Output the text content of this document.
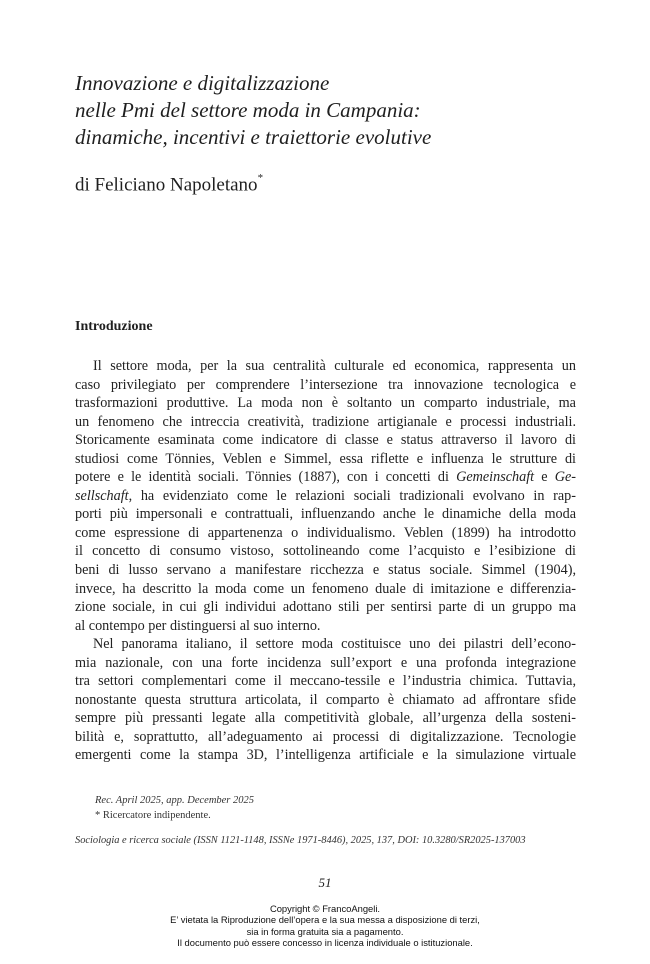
Innovazione e digitalizzazione
nelle Pmi del settore moda in Campania:
dinamiche, incentivi e traiettorie evolutive

di Feliciano Napoletano*

Introduzione
Il settore moda, per la sua centralità culturale ed economica, rappresenta un
caso privilegiato per comprendere l’intersezione tra innovazione tecnologica e
trasformazioni produttive. La moda non è soltanto un comparto industriale, ma
un fenomeno che intreccia creatività, tradizione artigianale e processi industriali.
Storicamente esaminata come indicatore di classe e status attraverso il lavoro di
studiosi come Tönnies, Veblen e Simmel, essa riflette e influenza le strutture di
potere e le identità sociali. Tönnies (1887), con i concetti di Gemeinschaft e Ge-
sellschaft, ha evidenziato come le relazioni sociali tradizionali evolvano in rap-
porti più impersonali e contrattuali, influenzando anche le dinamiche della moda
come espressione di appartenenza o individualismo. Veblen (1899) ha introdotto
il concetto di consumo vistoso, sottolineando come l’acquisto e l’esibizione di
beni di lusso servano a manifestare ricchezza e status sociale. Simmel (1904),
invece, ha descritto la moda come un fenomeno duale di imitazione e differenzia-
zione sociale, in cui gli individui adottano stili per sentirsi parte di un gruppo ma
al contempo per distinguersi al suo interno.
Nel panorama italiano, il settore moda costituisce uno dei pilastri dell’econo-
mia nazionale, con una forte incidenza sull’export e una profonda integrazione
tra settori complementari come il meccano-tessile e l’industria chimica. Tuttavia,
nonostante questa struttura articolata, il comparto è chiamato ad affrontare sfide
sempre più pressanti legate alla competitività globale, all’urgenza della sosteni-
bilità e, soprattutto, all’adeguamento ai processi di digitalizzazione. Tecnologie
emergenti come la stampa 3D, l’intelligenza artificiale e la simulazione virtuale
Rec. April 2025, app. December 2025
* Ricercatore indipendente.
Sociologia e ricerca sociale (ISSN 1121-1148, ISSNe 1971-8446), 2025, 137, DOI: 10.3280/SR2025-137003
51
Copyright © FrancoAngeli.
E’ vietata la Riproduzione dell’opera e la sua messa a disposizione di terzi,
sia in forma gratuita sia a pagamento.
Il documento può essere concesso in licenza individuale o istituzionale.
